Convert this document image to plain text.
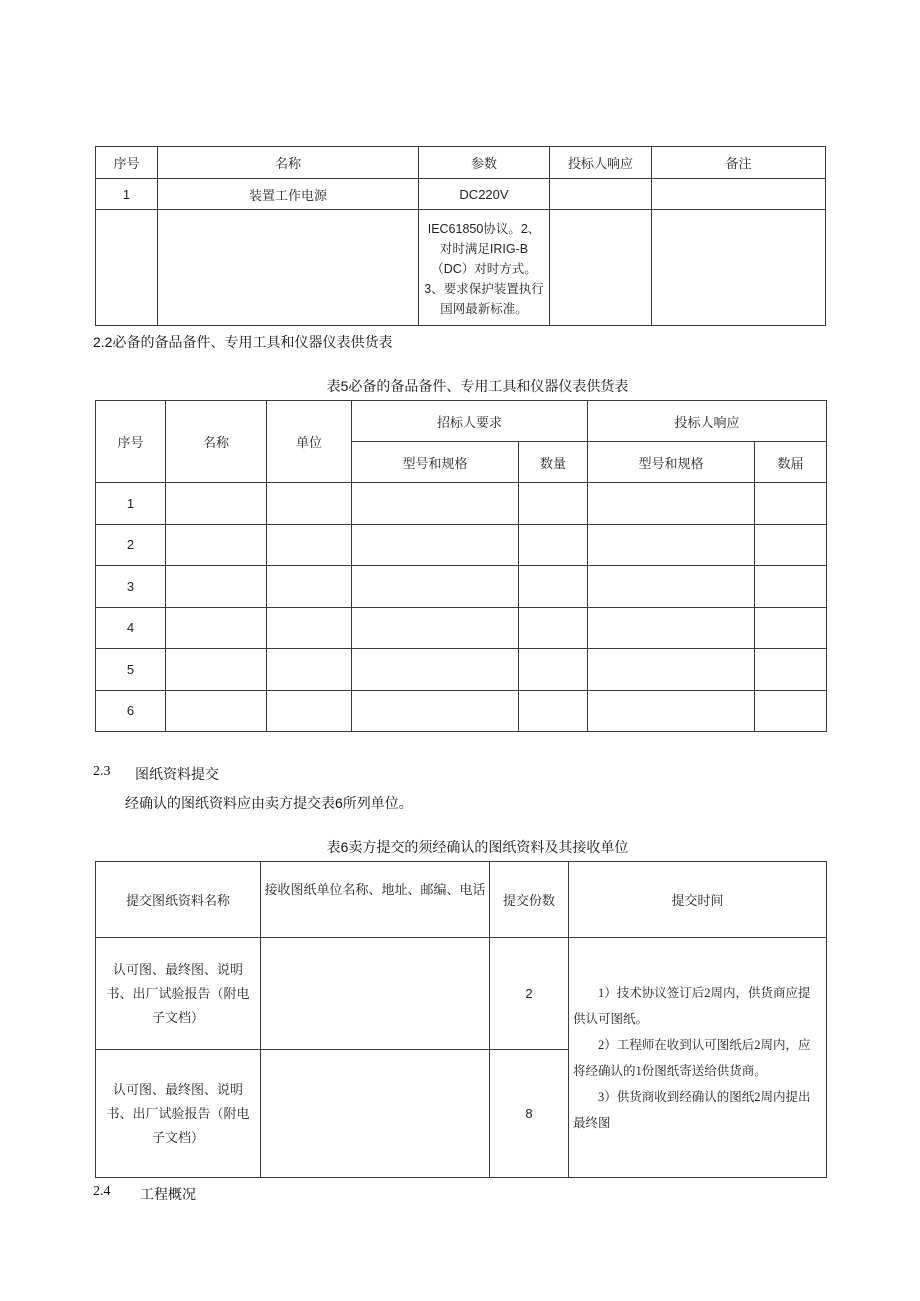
序号	名称	参数	投标人响应	备注
1	装置工作电源	DC220V		
		IEC61850协议。2、对时满足IRIG-B（DC）对时方式。3、要求保护装置执行国网最新标准。		
2.2必备的备品备件、专用工具和仪器仪表供货表
表5必备的备品备件、专用工具和仪器仪表供货表
序号	名称	单位	招标人要求		投标人响应	
			型号和规格	数量	型号和规格	数届
1						
2						
3						
4						
5						
6						
2.3 图纸资料提交
经确认的图纸资料应由卖方提交表6所列单位。
表6卖方提交的须经确认的图纸资料及其接收单位
提交图纸资料名称	接收图纸单位名称、地址、邮编、电话	提交份数	提交时间
认可图、最终图、说明书、出厂试验报告（附电子文档）		2	1）技术协议签订后2周内，供货商应提供认可图纸。

2）工程师在收到认可图纸后2周内，应将经确认的1份图纸寄送给供货商。

3）供货商收到经确认的图纸2周内提出最终图

认可图、最终图、说明书、出厂试验报告（附电子文档）		8	
2.4 工程概况
